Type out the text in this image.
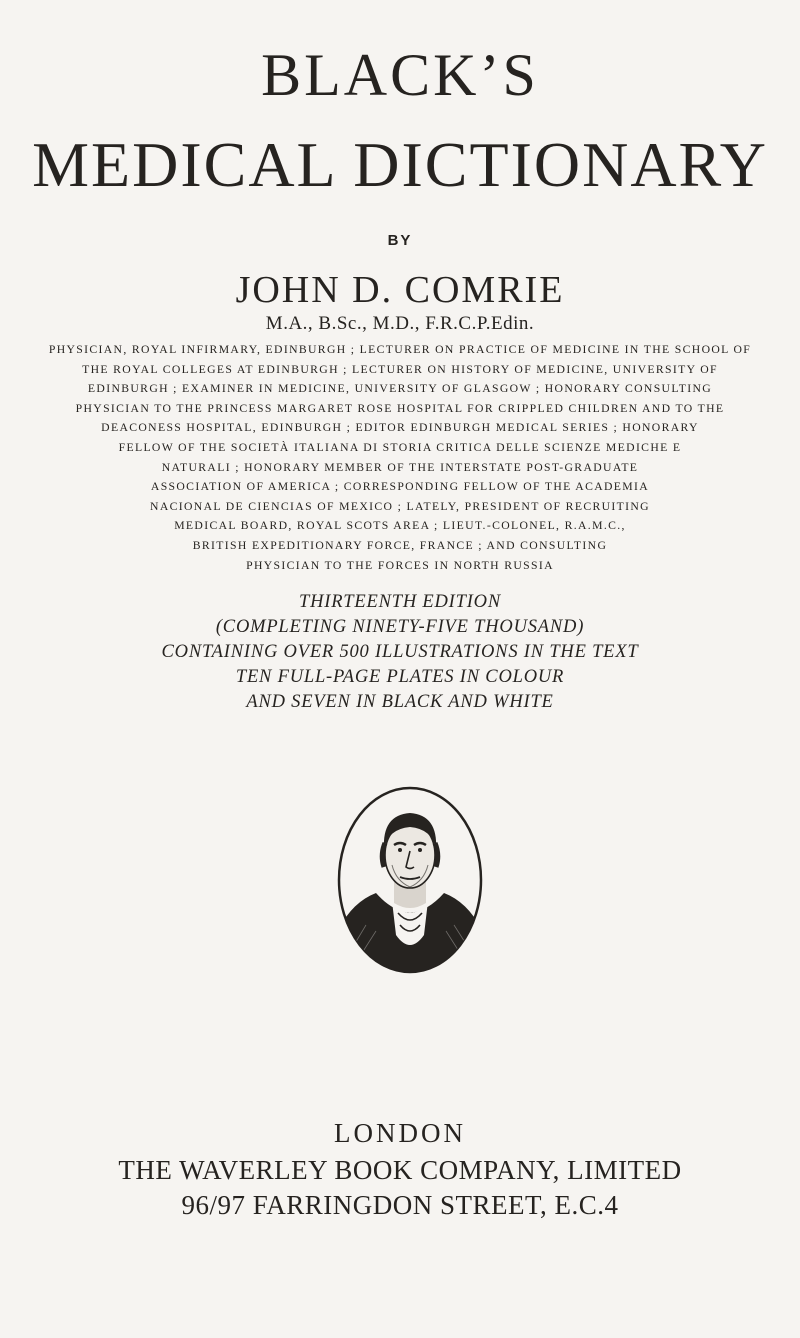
BLACK’S
MEDICAL DICTIONARY
BY
JOHN D. COMRIE
M.A., B.Sc., M.D., F.R.C.P.Edin.
PHYSICIAN, ROYAL INFIRMARY, EDINBURGH ; LECTURER ON PRACTICE OF MEDICINE IN THE SCHOOL OF
THE ROYAL COLLEGES AT EDINBURGH ; LECTURER ON HISTORY OF MEDICINE, UNIVERSITY OF
EDINBURGH ; EXAMINER IN MEDICINE, UNIVERSITY OF GLASGOW ; HONORARY CONSULTING
PHYSICIAN TO THE PRINCESS MARGARET ROSE HOSPITAL FOR CRIPPLED CHILDREN AND TO THE
DEACONESS HOSPITAL, EDINBURGH ; EDITOR EDINBURGH MEDICAL SERIES ; HONORARY
FELLOW OF THE SOCIETÀ ITALIANA DI STORIA CRITICA DELLE SCIENZE MEDICHE E
NATURALI ; HONORARY MEMBER OF THE INTERSTATE POST-GRADUATE
ASSOCIATION OF AMERICA ; CORRESPONDING FELLOW OF THE ACADEMIA
NACIONAL DE CIENCIAS OF MEXICO ; LATELY, PRESIDENT OF RECRUITING
MEDICAL BOARD, ROYAL SCOTS AREA ; LIEUT.-COLONEL, R.A.M.C.,
BRITISH EXPEDITIONARY FORCE, FRANCE ; AND CONSULTING
PHYSICIAN TO THE FORCES IN NORTH RUSSIA
THIRTEENTH EDITION
(COMPLETING NINETY-FIVE THOUSAND)
CONTAINING OVER 500 ILLUSTRATIONS IN THE TEXT
TEN FULL-PAGE PLATES IN COLOUR
AND SEVEN IN BLACK AND WHITE
LONDON
THE WAVERLEY BOOK COMPANY, LIMITED
96/97 FARRINGDON STREET, E.C.4
